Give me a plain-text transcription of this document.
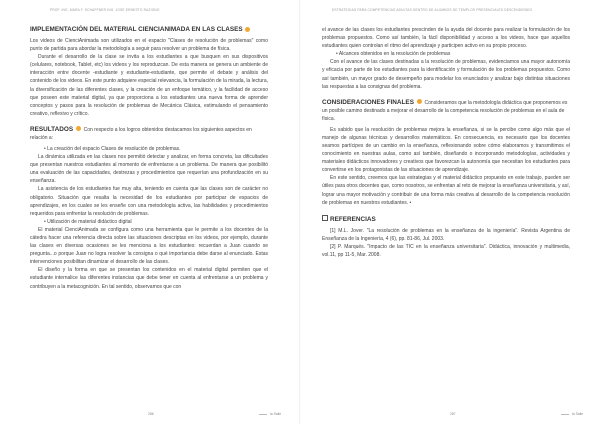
PROF. ING. MARA F. SCHAFFNER ING. JOSE ERNESTO RAZIONO
IMPLEMENTACIÓN DEL MATERIAL CIENCIANIMADA EN LAS CLASES

Los videos de CienciAnimada son utilizados en el espacio "Clases de resolución de problemas" como punto de partida para abordar la metodología a seguir para resolver un problema de física.

Durante el desarrollo de la clase se invita a los estudiantes a que busquen en sus dispositivos (celulares, notebook, Tablet, etc) los videos y los reproduzcan. De esta manera se genera un ambiente de interacción entre docente -estudiante y estudiante-estudiante, que permite el debate y análisis del contenido de los videos. En este punto adquiere especial relevancia, la formulación de la mirada, la lectura, la diversificación de las diferentes clases, y la creación de un enfoque temático, y la facilidad de acceso que poseen este material digital, ya que proporciona a los estudiantes una nueva forma de aprender conceptos y pasos para la resolución de problemas de Mecánica Clásica, estimulando el pensamiento creativo, reflexivo y crítico.

RESULTADOS Con respecto a los logros obtenidos destacamos los siguientes aspectos en relación a:

• La creación del espacio Clases de resolución de problemas.

La dinámica utilizada en las clases nos permitió detectar y analizar, en forma concreta, las dificultades que presentan nuestros estudiantes al momento de enfrentarse a un problema. De manera que posibilitó una evaluación de las capacidades, destrezas y procedimientos que requerían una profundización en su enseñanza.

La asistencia de los estudiantes fue muy alta, teniendo en cuenta que las clases son de carácter no obligatorio. Situación que resalta la necesidad de los estudiantes por participar de espacios de aprendizajes, en los cuales se les enseñe con una metodología activa, las habilidades y procedimientos requeridos para enfrentar la resolución de problemas.

• Utilización de material didáctico digital

El material CienciAnimada se configura como una herramienta que le permite a los docentes de la cátedra hacer una referencia directa sobre las situaciones descriptas en los videos, por ejemplo, durante las clases en diversas ocasiones se les menciona a los estudiantes: recuerdan a Juan cuando se pregunta...o porque Juan no logra resolver la consigna o qué importancia debe darse al enunciado. Estas intervenciones posibilitan dinamizar el desarrollo de las clases.

El diseño y la forma en que se presentan los contenidos en el material digital permiten que el estudiante internalice las diferentes instancias que debe tener en cuenta al enfrentarse a un problema y contribuyen a la metacognición. En tal sentido, observamos que con

286	la Salle
ESTRATEGIAS PARA COMPETENCIAS ADULTAS DENTRO DE ALUMNOS DE TEMPLOS PRESENCIALES DESCENDIENDO

el avance de las clases los estudiantes prescinden de la ayuda del docente para realizar la formulación de los problemas propuestos. Como así también, la fácil disponibilidad y acceso a los videos, hace que aquellos estudiantes quien controlan el ritmo del aprendizaje y participen activo en su propio proceso.

• Alcances obtenidos en la resolución de problemas

Con el avance de las clases destinadas a la resolución de problemas, evidenciamos una mayor autonomía y eficacia por parte de los estudiantes para la identificación y formulación de los problemas propuestos. Como así también, un mayor grado de desempeño para modelar los enunciados y analizar bajo distintas situaciones las respuestas a las consignas del problema.

CONSIDERACIONES FINALES Consideramos que la metodología didáctica que proponemos es un posible camino destinado a mejorar el desarrollo de la competencia resolución de problemas en el aula de física.

Es sabido que la resolución de problemas mejora la enseñanza, si se la percibe como algo más que el manejo de algunas técnicas y desarrollos matemáticos. En consecuencia, es necesario que los docentes seamos partícipes de un cambio en la enseñanza, reflexionando sobre cómo elaboramos y transmitimos el conocimiento en nuestras aulas, como así también, diseñando o incorporando metodologías, actividades y materiales didácticos innovadores y creativos que favorezcan la autonomía que necesitan los estudiantes para convertirse en los protagonistas de las situaciones de aprendizaje.

En este sentido, creemos que las estrategias y el material didáctico propuesto en este trabajo, pueden ser útiles para otros docentes que, como nosotros, se enfrentan al reto de mejorar la enseñanza universitaria, y así, lograr una mayor motivación y contribuir de una forma más creativa al desarrollo de la competencia resolución de problemas en nuestros estudiantes. •

REFERENCIAS

[1] M.L. Jover. "La resolución de problemas en la enseñanza de la ingeniería". Revista Argentina de Enseñanza de la Ingeniería, 4 (6), pp. 81-86, Jul. 2003.

[2] P. Marqués. "Impacto de las TIC en la enseñanza universitaria". Didáctica, innovación y multimedia, vol.11, pp 11-5, Mar. 2008.

287	la Salle
